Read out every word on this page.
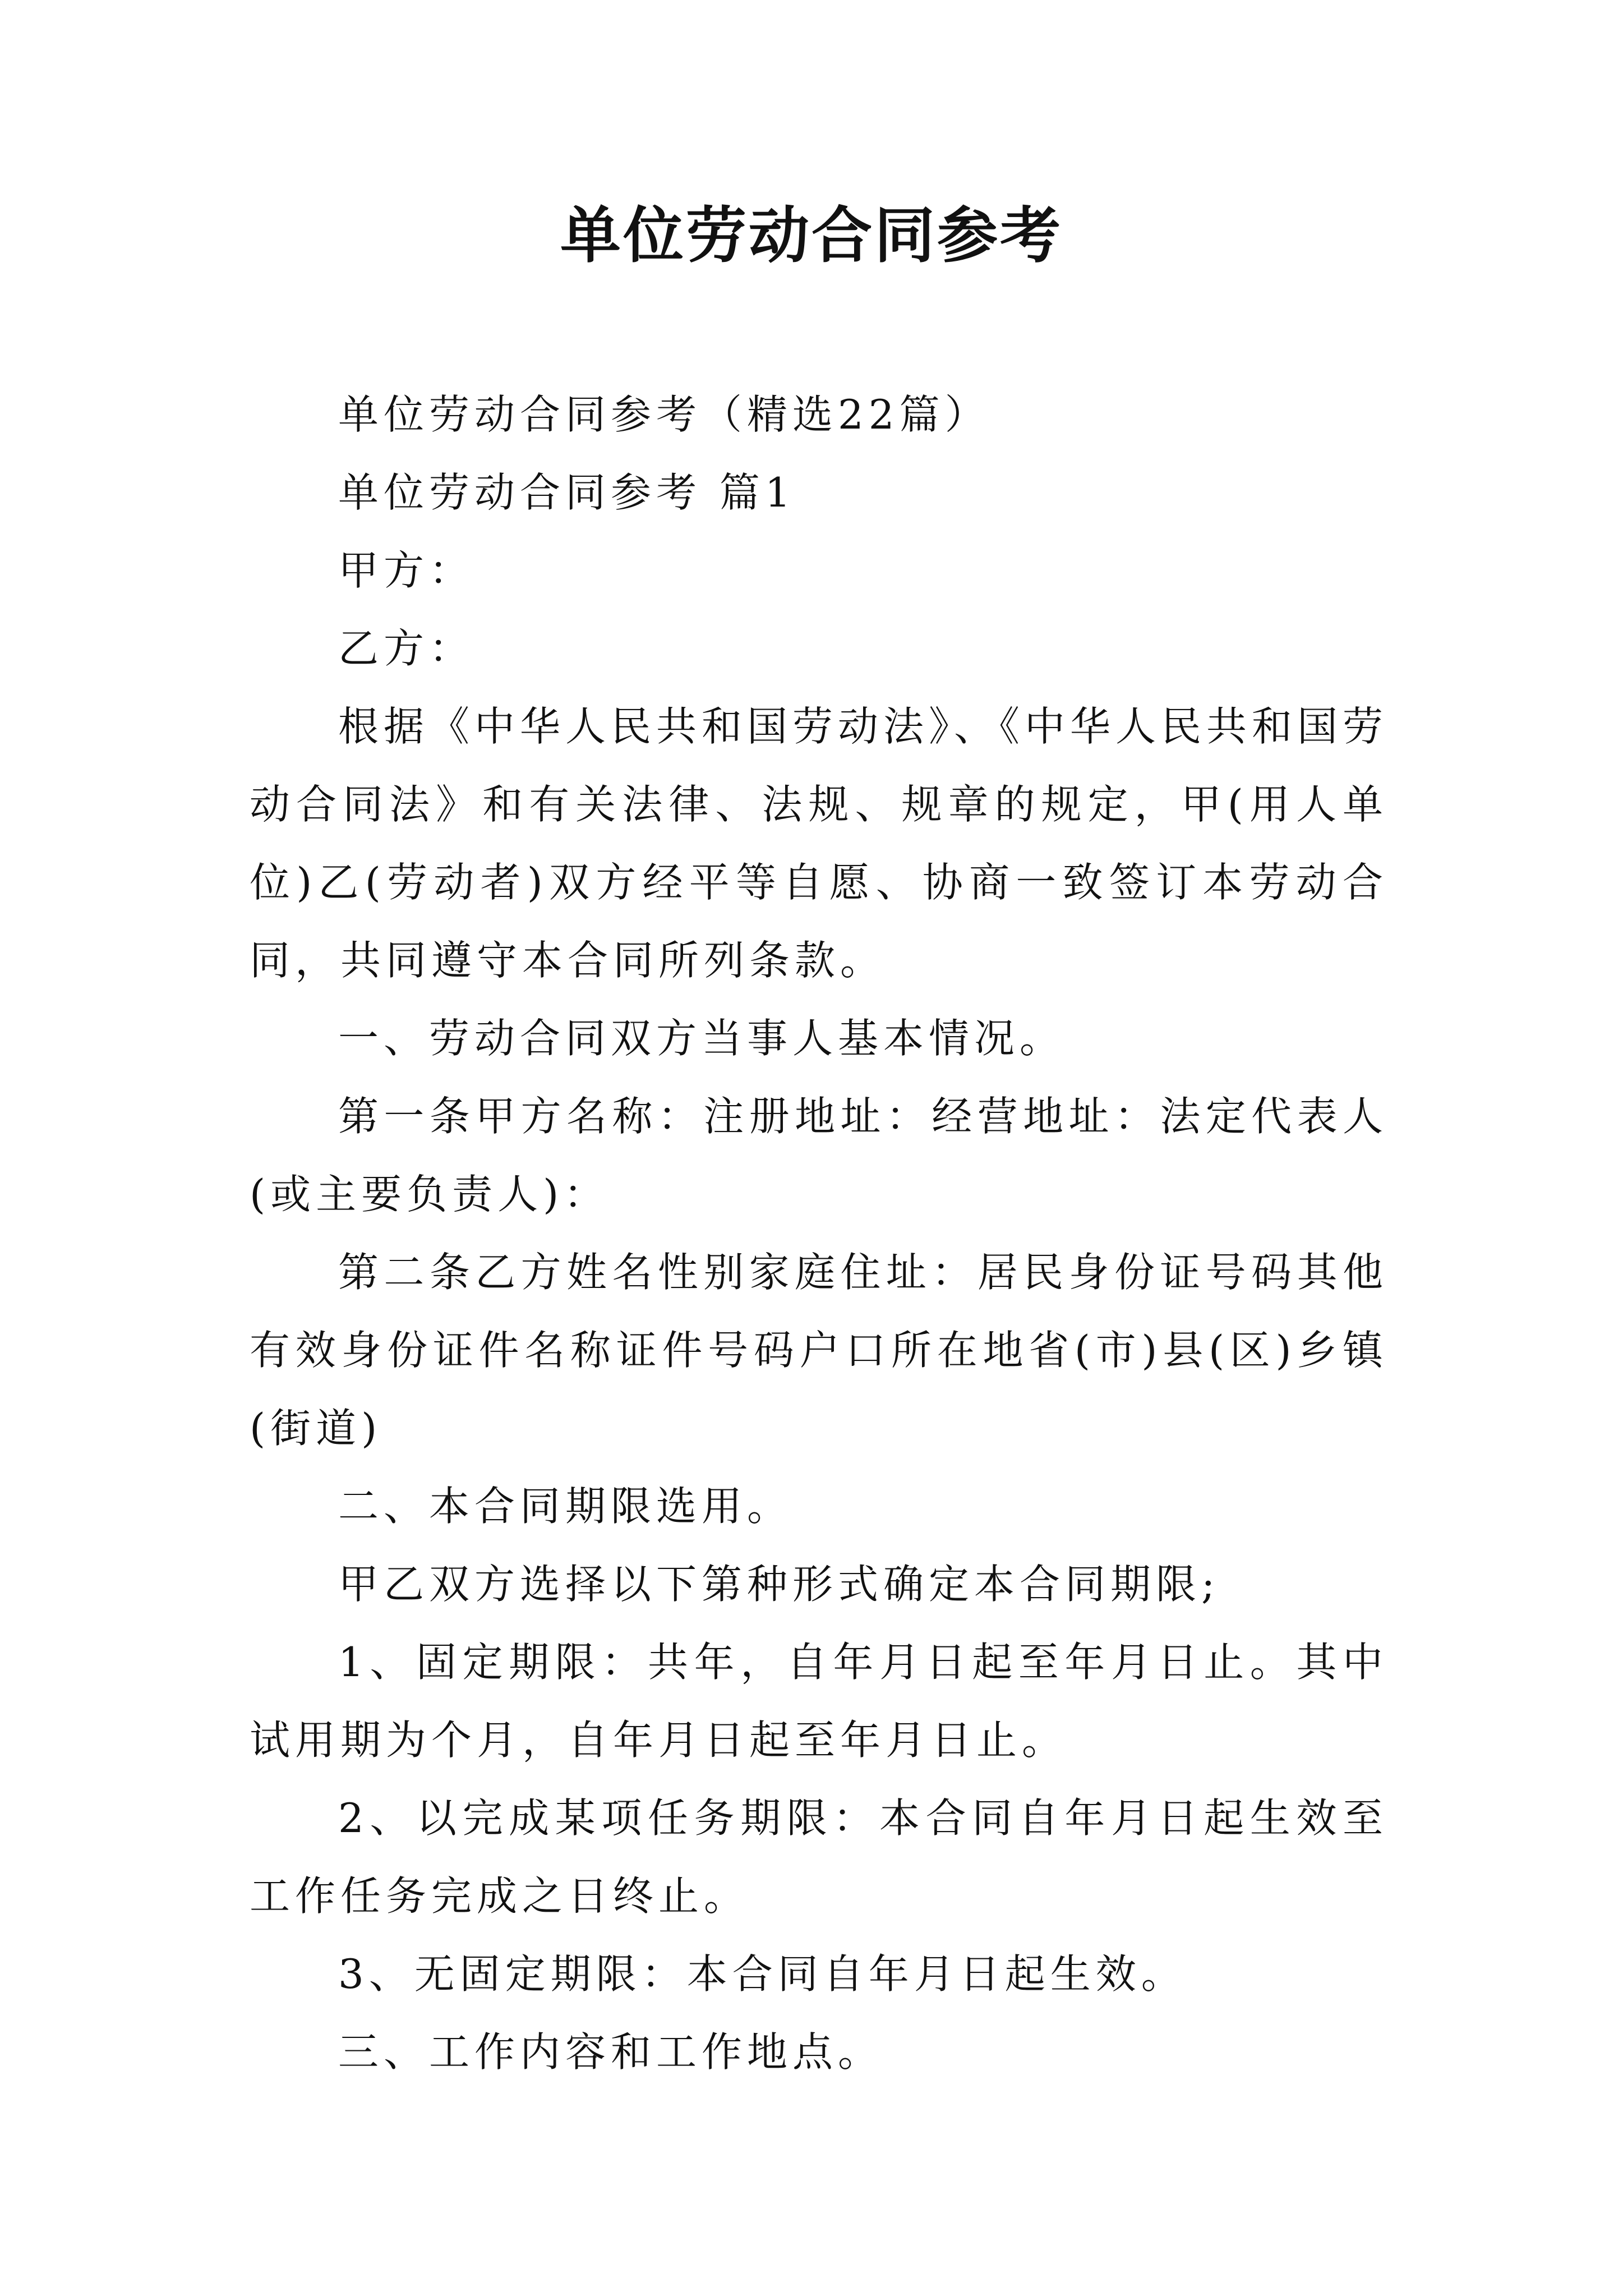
单位劳动合同参考

单位劳动合同参考（精选22篇）

单位劳动合同参考 篇1

甲方：

乙方：

根据《中华人民共和国劳动法》、《中华人民共和国劳动合同法》和有关法律、法规、规章的规定，甲(用人单位)乙(劳动者)双方经平等自愿、协商一致签订本劳动合同，共同遵守本合同所列条款。

一、劳动合同双方当事人基本情况。

第一条甲方名称：注册地址：经营地址：法定代表人(或主要负责人)：

第二条乙方姓名性别家庭住址：居民身份证号码其他有效身份证件名称证件号码户口所在地省(市)县(区)乡镇(街道)

二、本合同期限选用。

甲乙双方选择以下第种形式确定本合同期限;

1、固定期限：共年，自年月日起至年月日止。其中试用期为个月，自年月日起至年月日止。

2、以完成某项任务期限：本合同自年月日起生效至工作任务完成之日终止。

3、无固定期限：本合同自年月日起生效。

三、工作内容和工作地点。
